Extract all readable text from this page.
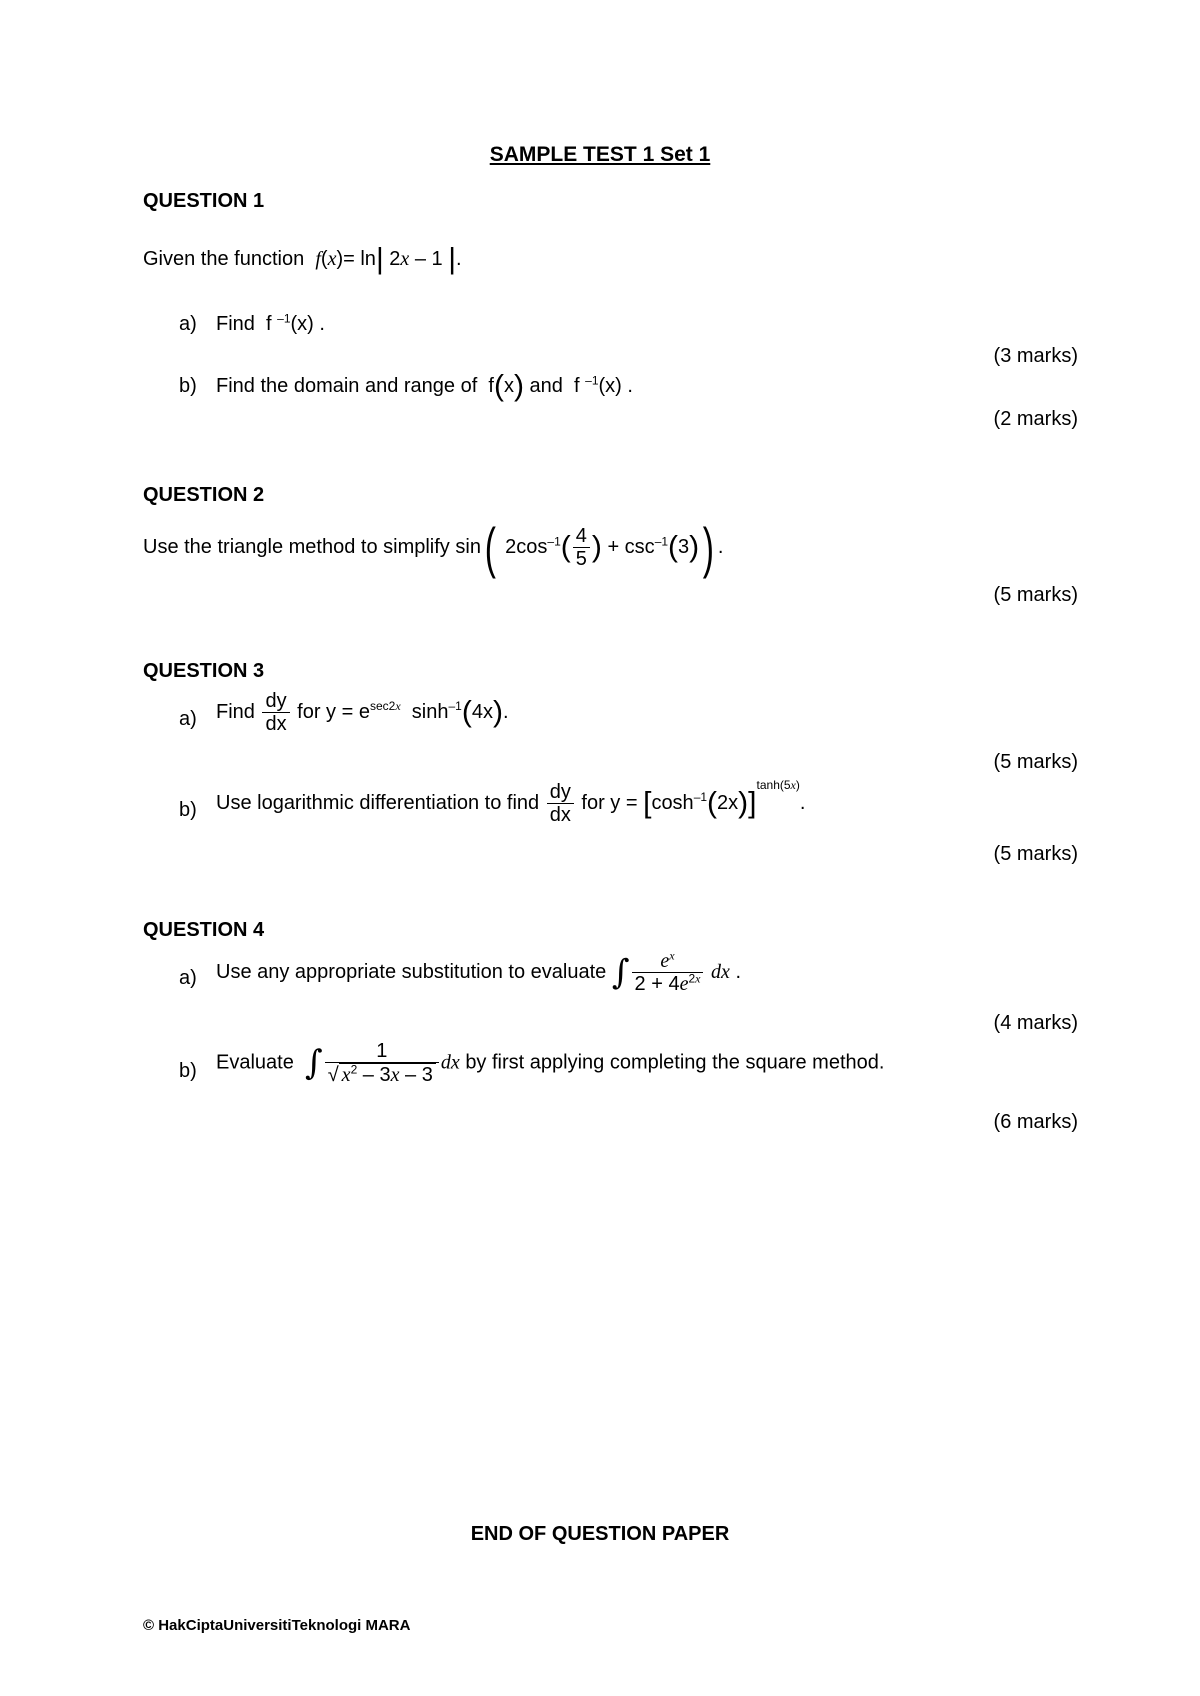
SAMPLE TEST 1 Set 1
QUESTION 1
Given the function f(x)= ln| 2x – 1 |.
a) Find  f $^{-1}$(x) .
(3 marks)
b) Find the domain and range of  f(x) and  f $^{-1}$(x) .
(2 marks)
QUESTION 2
Use the triangle method to simplify sin( $2\cos^{-1}( \frac{4}{5}$ ) + $\csc^{-1}(3)$) .
(5 marks)
QUESTION 3
a) Find $\frac{dy}{dx}$ for $y = e^{sec2x}$  $\sinh^{-1}(4x)$.
(5 marks)
b) Use logarithmic differentiation to find $\frac{dy}{dx}$ for $y = [\cosh^{-1}(2x)]^{tanh(5x)}$.
(5 marks)
QUESTION 4
a) Use any appropriate substitution to evaluate ∫ $\frac{e^x}{2 + 4e^{2x}}$ dx .
(4 marks)
b) Evaluate ∫ $\frac{1}{√ x^2 - 3x - 3}$ dx by first applying completing the square method.
(6 marks)
END OF QUESTION PAPER
© HakCiptaUniversitiTeknologi MARA
